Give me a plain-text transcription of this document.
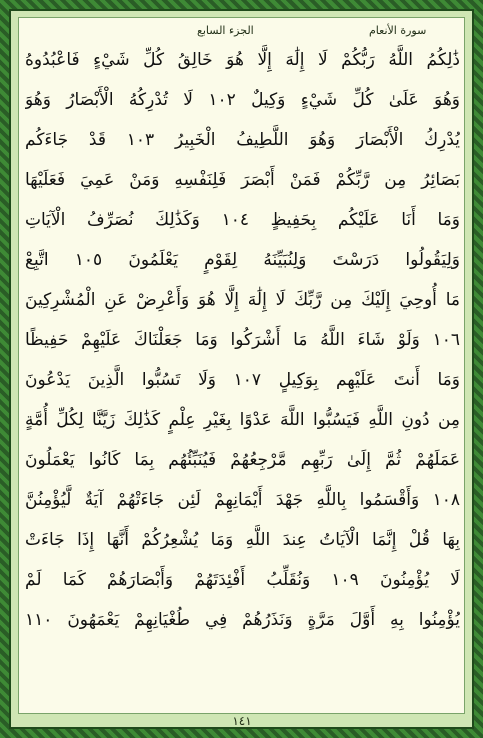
الجزء السابع	سورة الأنعام
ذَٰلِكُمُ اللَّهُ رَبُّكُمْ لَا إِلَٰهَ إِلَّا هُوَ خَالِقُ كُلِّ شَيْءٍ فَاعْبُدُوهُ
وَهُوَ عَلَىٰ كُلِّ شَيْءٍ وَكِيلٌ ١٠٢ لَا تُدْرِكُهُ الْأَبْصَارُ وَهُوَ
يُدْرِكُ الْأَبْصَارَ وَهُوَ اللَّطِيفُ الْخَبِيرُ ١٠٣ قَدْ جَاءَكُم
بَصَائِرُ مِن رَّبِّكُمْ فَمَنْ أَبْصَرَ فَلِنَفْسِهِ وَمَنْ عَمِيَ فَعَلَيْهَا
وَمَا أَنَا عَلَيْكُم بِحَفِيظٍ ١٠٤ وَكَذَٰلِكَ نُصَرِّفُ الْآيَاتِ
وَلِيَقُولُوا دَرَسْتَ وَلِنُبَيِّنَهُ لِقَوْمٍ يَعْلَمُونَ ١٠٥ اتَّبِعْ
مَا أُوحِيَ إِلَيْكَ مِن رَّبِّكَ لَا إِلَٰهَ إِلَّا هُوَ وَأَعْرِضْ عَنِ الْمُشْرِكِينَ
١٠٦ وَلَوْ شَاءَ اللَّهُ مَا أَشْرَكُوا وَمَا جَعَلْنَاكَ عَلَيْهِمْ حَفِيظًا
وَمَا أَنتَ عَلَيْهِم بِوَكِيلٍ ١٠٧ وَلَا تَسُبُّوا الَّذِينَ يَدْعُونَ
مِن دُونِ اللَّهِ فَيَسُبُّوا اللَّهَ عَدْوًا بِغَيْرِ عِلْمٍ كَذَٰلِكَ زَيَّنَّا لِكُلِّ أُمَّةٍ
عَمَلَهُمْ ثُمَّ إِلَىٰ رَبِّهِم مَّرْجِعُهُمْ فَيُنَبِّئُهُم بِمَا كَانُوا يَعْمَلُونَ
١٠٨ وَأَقْسَمُوا بِاللَّهِ جَهْدَ أَيْمَانِهِمْ لَئِن جَاءَتْهُمْ آيَةٌ لَّيُؤْمِنُنَّ
بِهَا قُلْ إِنَّمَا الْآيَاتُ عِندَ اللَّهِ وَمَا يُشْعِرُكُمْ أَنَّهَا إِذَا جَاءَتْ
لَا يُؤْمِنُونَ ١٠٩ وَنُقَلِّبُ أَفْئِدَتَهُمْ وَأَبْصَارَهُمْ كَمَا لَمْ
يُؤْمِنُوا بِهِ أَوَّلَ مَرَّةٍ وَنَذَرُهُمْ فِي طُغْيَانِهِمْ يَعْمَهُونَ ١١٠
١٤١
